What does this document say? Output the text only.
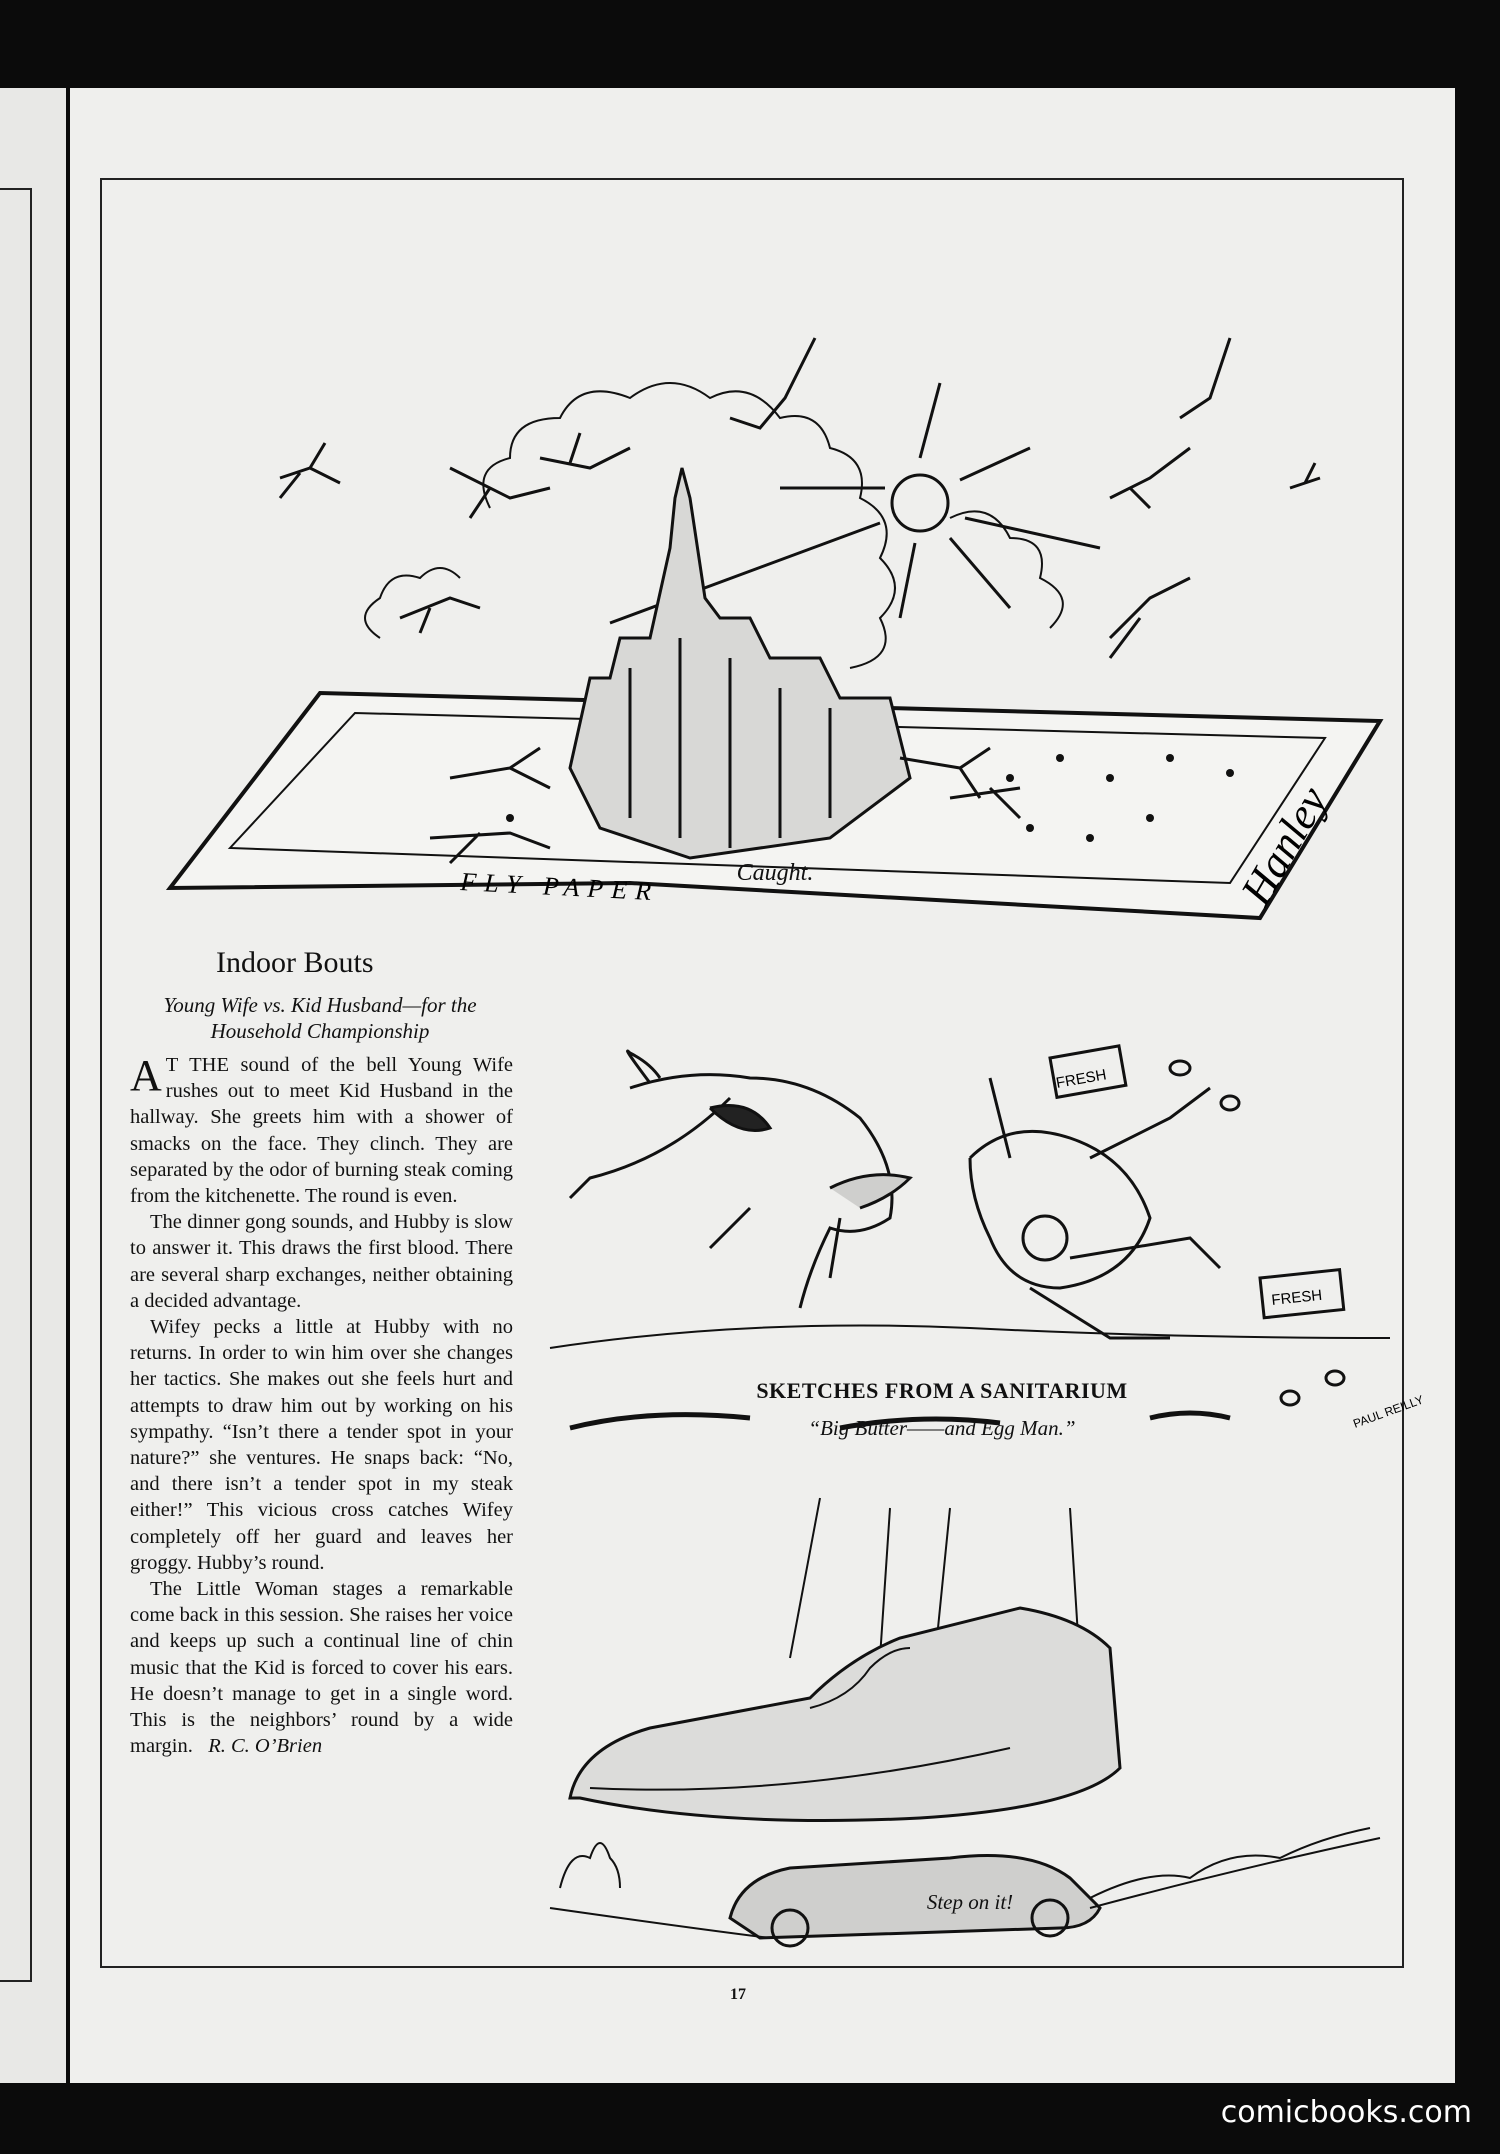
FLY PAPER	Hanley
Caught.
Indoor Bouts
Young Wife vs. Kid Husband—for the Household Championship

A T THE sound of the bell Young Wife rushes out to meet Kid Husband in the hallway. She greets him with a shower of smacks on the face. They clinch. They are separated by the odor of burning steak coming from the kitchenette. The round is even.

The dinner gong sounds, and Hubby is slow to answer it. This draws the first blood. There are several sharp exchanges, neither obtaining a decided advantage.

Wifey pecks a little at Hubby with no returns. In order to win him over she changes her tactics. She makes out she feels hurt and attempts to draw him out by working on his sympathy. “Isn’t there a tender spot in your nature?” she ventures. He snaps back: “No, and there isn’t a tender spot in my steak either!” This vicious cross catches Wifey completely off her guard and leaves her groggy. Hubby’s round.

The Little Woman stages a remarkable come back in this session. She raises her voice and keeps up such a continual line of chin music that the Kid is forced to cover his ears. He doesn’t manage to get in a single word. This is the neighbors’ round by a wide margin. R. C. O’Brien

FRESH
FRESH
PAUL REILLY
SKETCHES FROM A SANITARIUM
“Big Butter——and Egg Man.”
Step on it!
17
comicbooks.com
